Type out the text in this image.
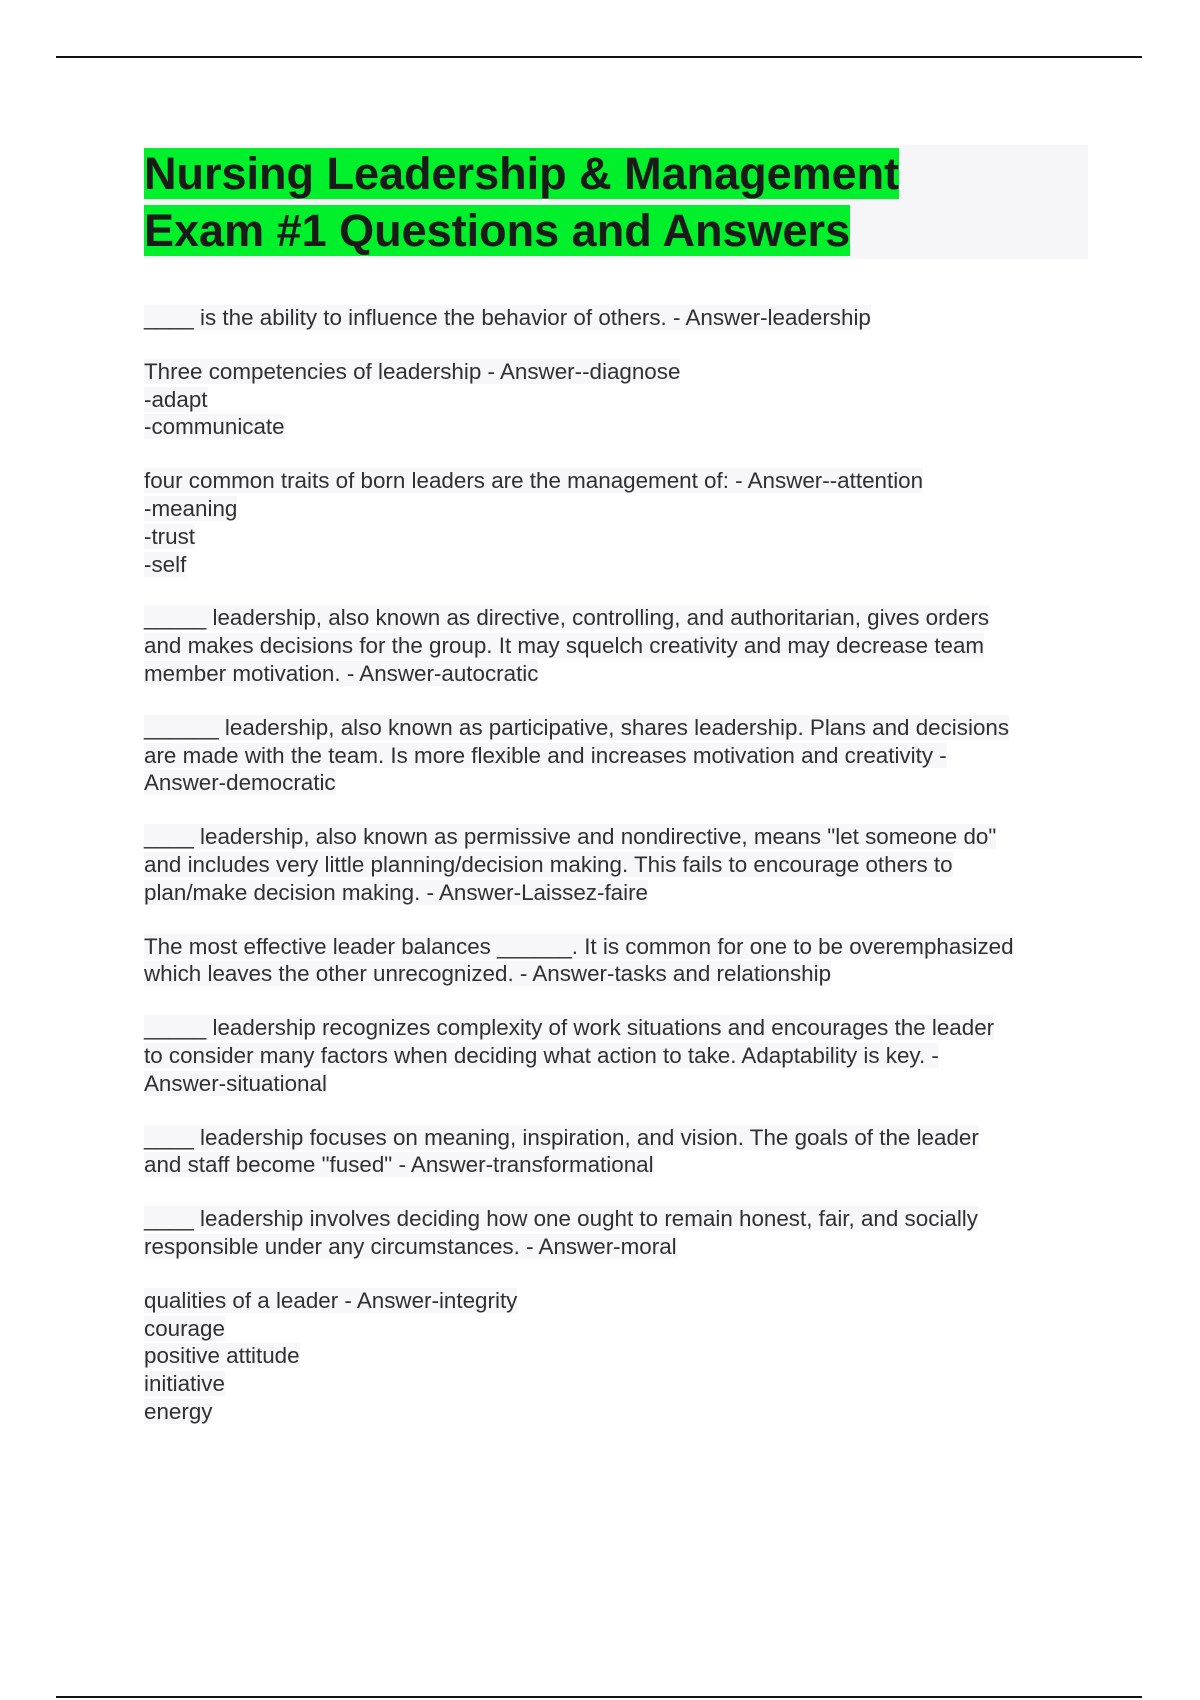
Nursing Leadership & Management
Exam #1 Questions and Answers

____ is the ability to influence the behavior of others. - Answer-leadership

Three competencies of leadership - Answer--diagnose
-adapt
-communicate

four common traits of born leaders are the management of: - Answer--attention
-meaning
-trust
-self

_____ leadership, also known as directive, controlling, and authoritarian, gives orders
and makes decisions for the group. It may squelch creativity and may decrease team
member motivation. - Answer-autocratic

______ leadership, also known as participative, shares leadership. Plans and decisions
are made with the team. Is more flexible and increases motivation and creativity -
Answer-democratic

____ leadership, also known as permissive and nondirective, means "let someone do"
and includes very little planning/decision making. This fails to encourage others to
plan/make decision making. - Answer-Laissez-faire

The most effective leader balances ______. It is common for one to be overemphasized
which leaves the other unrecognized. - Answer-tasks and relationship

_____ leadership recognizes complexity of work situations and encourages the leader
to consider many factors when deciding what action to take. Adaptability is key. -
Answer-situational

____ leadership focuses on meaning, inspiration, and vision. The goals of the leader
and staff become "fused" - Answer-transformational

____ leadership involves deciding how one ought to remain honest, fair, and socially
responsible under any circumstances. - Answer-moral

qualities of a leader - Answer-integrity
courage
positive attitude
initiative
energy
